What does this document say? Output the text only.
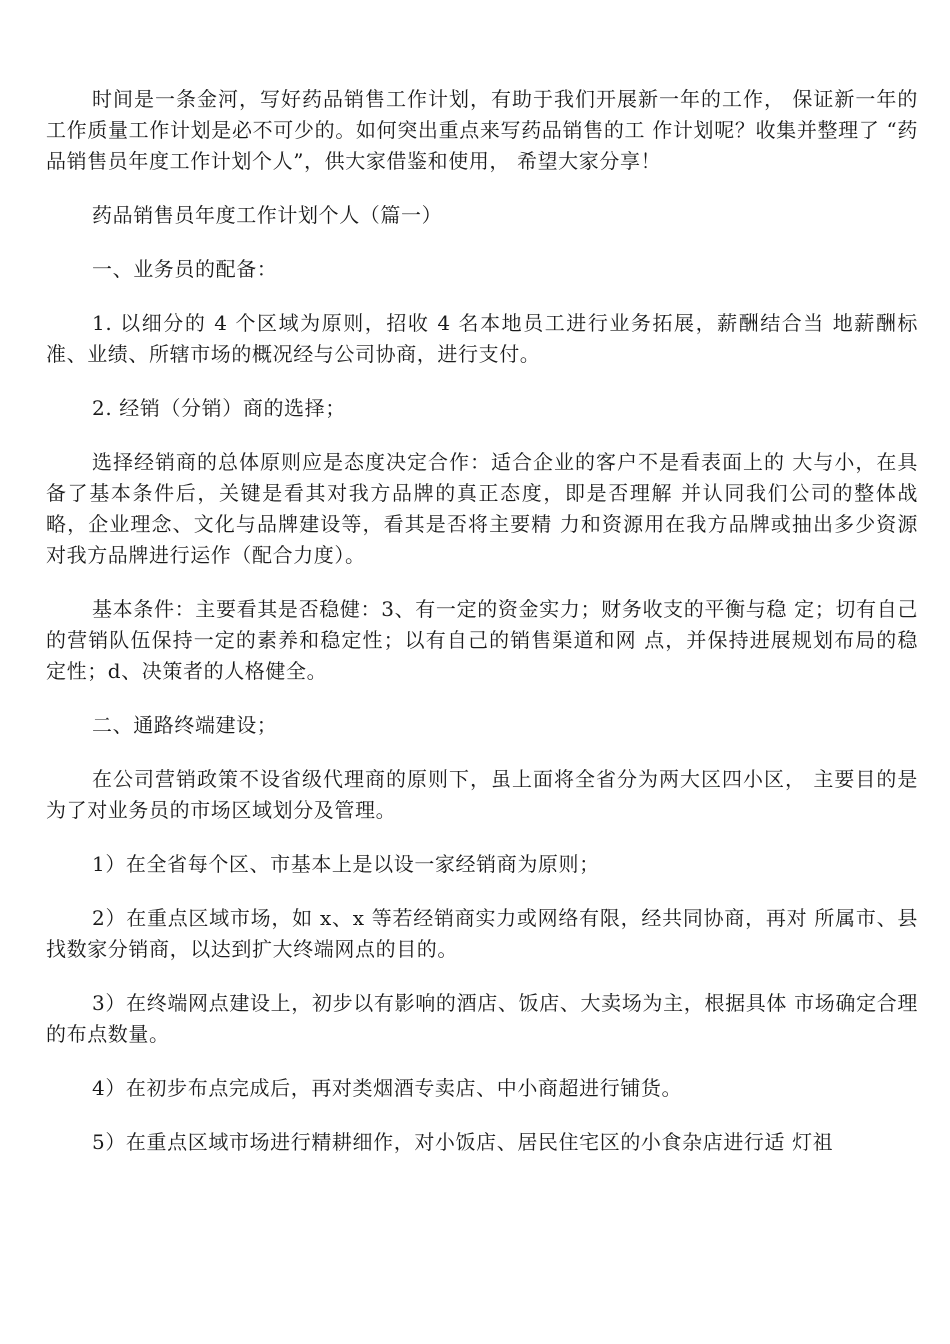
时间是一条金河，写好药品销售工作计划，有助于我们开展新一年的工作， 保证新一年的工作质量工作计划是必不可少的。如何突出重点来写药品销售的工 作计划呢？收集并整理了 “药品销售员年度工作计划个人”，供大家借鉴和使用， 希望大家分享！

药品销售员年度工作计划个人（篇一）

一、业务员的配备：

1. 以细分的 4 个区域为原则，招收 4 名本地员工进行业务拓展，薪酬结合当 地薪酬标准、业绩、所辖市场的概况经与公司协商，进行支付。

2. 经销（分销）商的选择；

选择经销商的总体原则应是态度决定合作：适合企业的客户不是看表面上的 大与小，在具备了基本条件后，关键是看其对我方品牌的真正态度，即是否理解 并认同我们公司的整体战略，企业理念、文化与品牌建设等，看其是否将主要精 力和资源用在我方品牌或抽出多少资源对我方品牌进行运作（配合力度）。

基本条件：主要看其是否稳健：3、有一定的资金实力；财务收支的平衡与稳 定；切有自己的营销队伍保持一定的素养和稳定性；以有自己的销售渠道和网 点，并保持进展规划布局的稳定性；d、决策者的人格健全。

二、通路终端建设；

在公司营销政策不设省级代理商的原则下，虽上面将全省分为两大区四小区， 主要目的是为了对业务员的市场区域划分及管理。

1）在全省每个区、市基本上是以设一家经销商为原则；

2）在重点区域市场，如 x、x 等若经销商实力或网络有限，经共同协商，再对 所属市、县找数家分销商，以达到扩大终端网点的目的。

3）在终端网点建设上，初步以有影响的酒店、饭店、大卖场为主，根据具体 市场确定合理的布点数量。

4）在初步布点完成后，再对类烟酒专卖店、中小商超进行铺货。

5）在重点区域市场进行精耕细作，对小饭店、居民住宅区的小食杂店进行适 灯祖
